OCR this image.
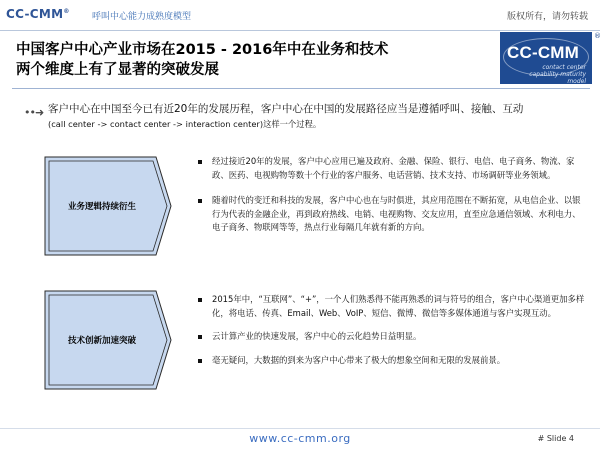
CC-CMM®
呼叫中心能力成熟度模型	版权所有，请勿转载
中国客户中心产业市场在2015 - 2016年中在业务和技术
两个维度上有了显著的突破发展
CC-CMM
contact center
capability maturity model
®
••➜ 客户中心在中国至今已有近20年的发展历程，客户中心在中国的发展路径应当是遵循呼叫、接触、互动
(call center -> contact center -> interaction center)这样一个过程。
业务逻辑持续衍生
经过接近20年的发展，客户中心应用已遍及政府、金融、保险、银行、电信、电子商务、物流、家政、医药、电视购物等数十个行业的客户服务、电话营销、技术支持、市场调研等业务领域。
随着时代的变迁和科技的发展，客户中心也在与时俱进，其应用范围在不断拓宽，从电信企业、以银行为代表的金融企业，再到政府热线、电销、电视购物、交友应用，直至应急通信领域、水利电力、电子商务、物联网等等，热点行业每隔几年就有新的方向。
技术创新加速突破
2015年中，“互联网”、“+”，一个人们熟悉得不能再熟悉的词与符号的组合，客户中心渠道更加多样化，将电话、传真、Email、Web、VoIP、短信、微博、微信等多媒体通道与客户实现互动。
云计算产业的快速发展，客户中心的云化趋势日益明显。
毫无疑问，大数据的到来为客户中心带来了极大的想象空间和无限的发展前景。
www.cc-cmm.org	# Slide 4
